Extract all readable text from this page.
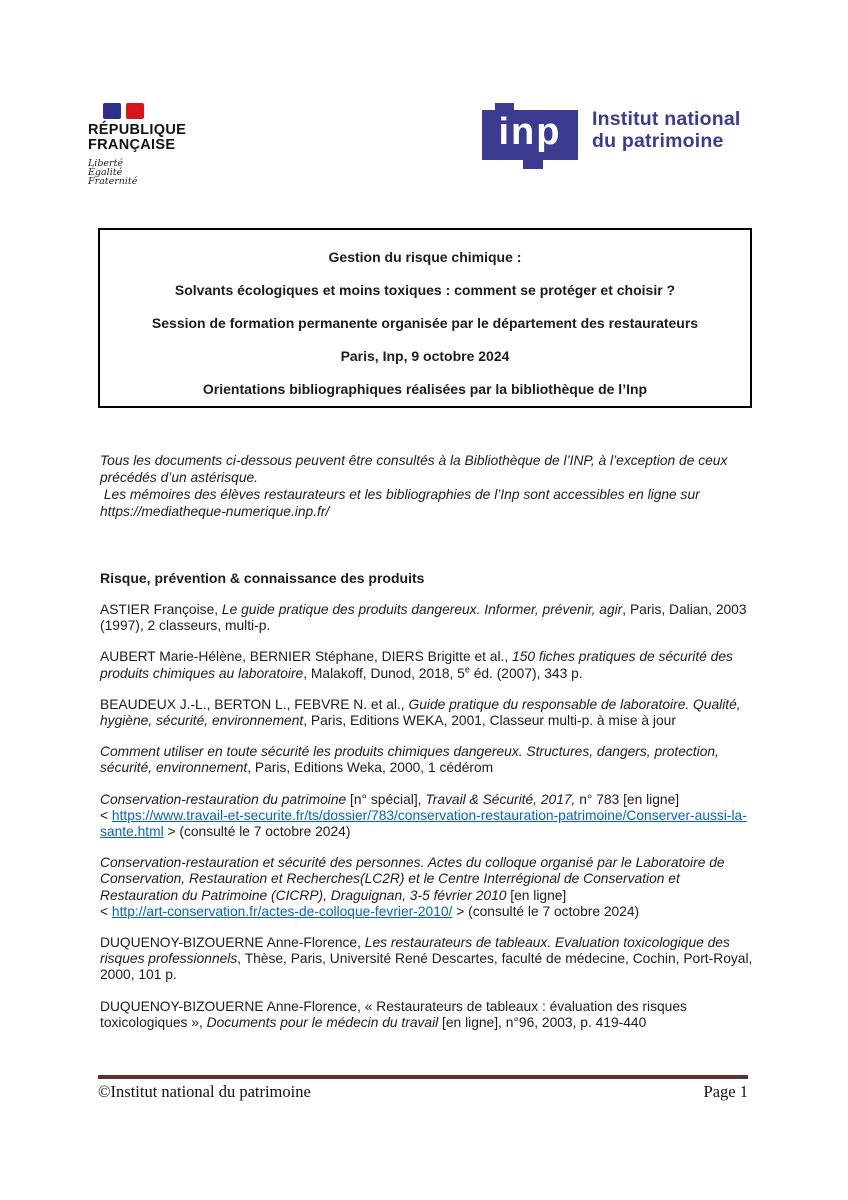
RÉPUBLIQUE
FRANÇAISE
Liberté
Égalité
Fraternité
inp Institut national
du patrimoine

Gestion du risque chimique :

Solvants écologiques et moins toxiques : comment se protéger et choisir ?

Session de formation permanente organisée par le département des restaurateurs

Paris, Inp, 9 octobre 2024

Orientations bibliographiques réalisées par la bibliothèque de l’Inp

Tous les documents ci-dessous peuvent être consultés à la Bibliothèque de l’INP, à l’exception de ceux précédés d’un astérisque.
Les mémoires des élèves restaurateurs et les bibliographies de l’Inp sont accessibles en ligne sur https://mediatheque-numerique.inp.fr/
Risque, prévention & connaissance des produits

ASTIER Françoise, Le guide pratique des produits dangereux. Informer, prévenir, agir, Paris, Dalian, 2003 (1997), 2 classeurs, multi-p.

AUBERT Marie-Hélène, BERNIER Stéphane, DIERS Brigitte et al., 150 fiches pratiques de sécurité des produits chimiques au laboratoire, Malakoff, Dunod, 2018, 5e éd. (2007), 343 p.

BEAUDEUX J.-L., BERTON L., FEBVRE N. et al., Guide pratique du responsable de laboratoire. Qualité, hygiène, sécurité, environnement, Paris, Editions WEKA, 2001, Classeur multi-p. à mise à jour

Comment utiliser en toute sécurité les produits chimiques dangereux. Structures, dangers, protection, sécurité, environnement, Paris, Editions Weka, 2000, 1 cédérom

Conservation-restauration du patrimoine [n° spécial], Travail & Sécurité, 2017, n° 783 [en ligne]
< https://www.travail-et-securite.fr/ts/dossier/783/conservation-restauration-patrimoine/Conserver-aussi-la-sante.html > (consulté le 7 octobre 2024)

Conservation-restauration et sécurité des personnes. Actes du colloque organisé par le Laboratoire de Conservation, Restauration et Recherches(LC2R) et le Centre Interrégional de Conservation et Restauration du Patrimoine (CICRP), Draguignan, 3-5 février 2010 [en ligne]
< http://art-conservation.fr/actes-de-colloque-fevrier-2010/ > (consulté le 7 octobre 2024)

DUQUENOY-BIZOUERNE Anne-Florence, Les restaurateurs de tableaux. Evaluation toxicologique des risques professionnels, Thèse, Paris, Université René Descartes, faculté de médecine, Cochin, Port-Royal, 2000, 101 p.

DUQUENOY-BIZOUERNE Anne-Florence, « Restaurateurs de tableaux : évaluation des risques toxicologiques », Documents pour le médecin du travail [en ligne], n°96, 2003, p. 419-440

©Institut national du patrimoine	Page 1
